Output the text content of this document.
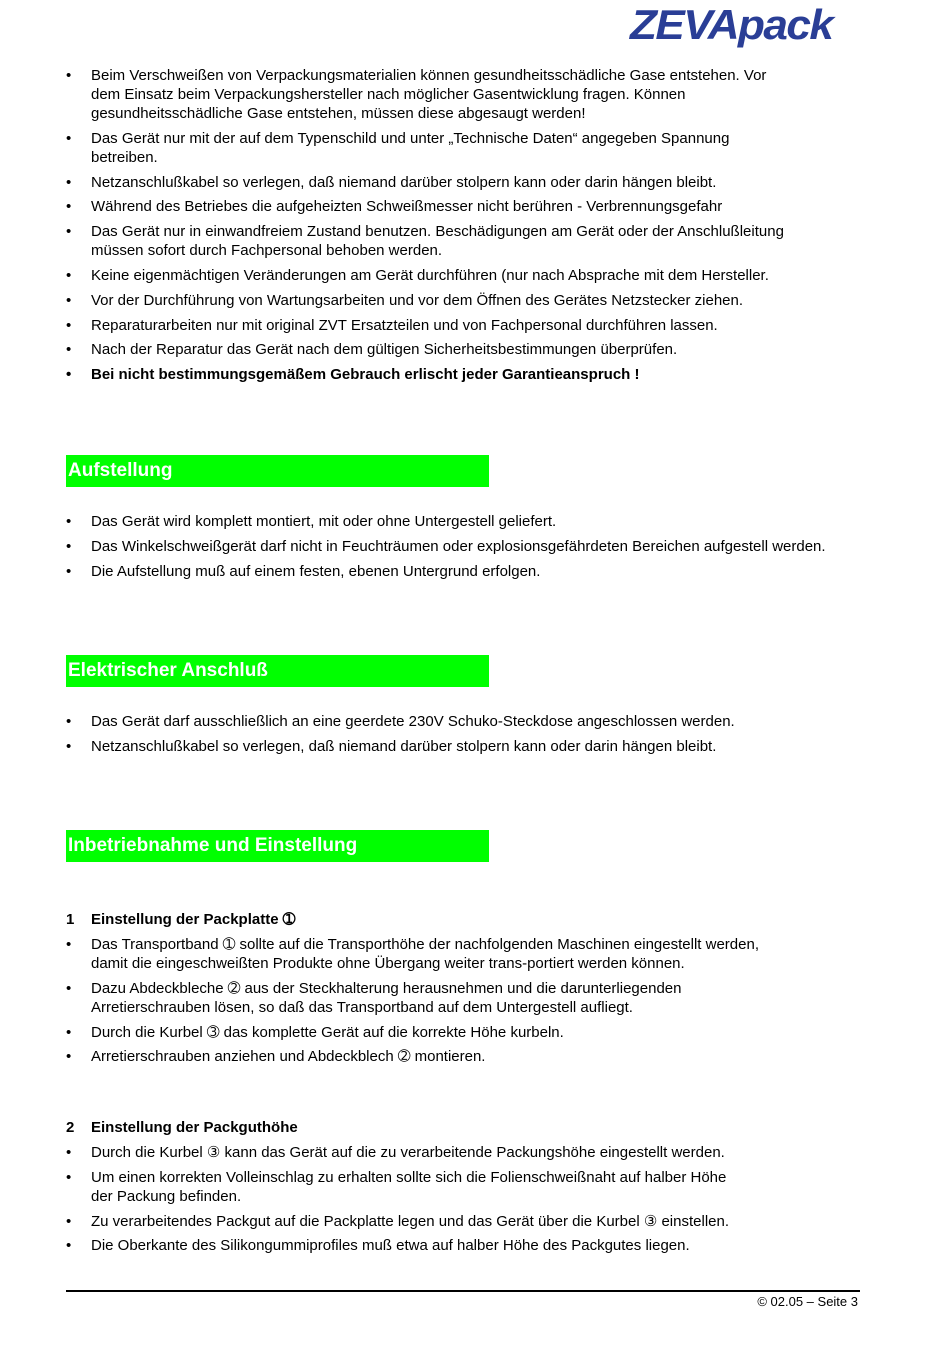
ZEVApack
• Beim Verschweißen von Verpackungsmaterialien können gesundheitsschädliche Gase entstehen. Vor
dem Einsatz beim Verpackungshersteller nach möglicher Gasentwicklung fragen. Können
gesundheitsschädliche Gase entstehen, müssen diese abgesaugt werden!
• Das Gerät nur mit der auf dem Typenschild und unter „Technische Daten“ angegeben Spannung
betreiben.
• Netzanschlußkabel so verlegen, daß niemand darüber stolpern kann oder darin hängen bleibt.
• Während des Betriebes die aufgeheizten Schweißmesser nicht berühren - Verbrennungsgefahr
• Das Gerät nur in einwandfreiem Zustand benutzen. Beschädigungen am Gerät oder der Anschlußleitung
müssen sofort durch Fachpersonal behoben werden.
• Keine eigenmächtigen Veränderungen am Gerät durchführen (nur nach Absprache mit dem Hersteller.
• Vor der Durchführung von Wartungsarbeiten und vor dem Öffnen des Gerätes Netzstecker ziehen.
• Reparaturarbeiten nur mit original ZVT Ersatzteilen und von Fachpersonal durchführen lassen.
• Nach der Reparatur das Gerät nach dem gültigen Sicherheitsbestimmungen überprüfen.
• Bei nicht bestimmungsgemäßem Gebrauch erlischt jeder Garantieanspruch !
Aufstellung
• Das Gerät wird komplett montiert, mit oder ohne Untergestell geliefert.
• Das Winkelschweißgerät darf nicht in Feuchträumen oder explosionsgefährdeten Bereichen aufgestell werden.
• Die Aufstellung muß auf einem festen, ebenen Untergrund erfolgen.
Elektrischer Anschluß
• Das Gerät darf ausschließlich an eine geerdete 230V Schuko-Steckdose angeschlossen werden.
• Netzanschlußkabel so verlegen, daß niemand darüber stolpern kann oder darin hängen bleibt.
Inbetriebnahme und Einstellung
1 Einstellung der Packplatte ➀
• Das Transportband ➀ sollte auf die Transporthöhe der nachfolgenden Maschinen eingestellt werden,
damit die eingeschweißten Produkte ohne Übergang weiter trans-portiert werden können.
• Dazu Abdeckbleche ➁ aus der Steckhalterung herausnehmen und die darunterliegenden
Arretierschrauben lösen, so daß das Transportband auf dem Untergestell aufliegt.
• Durch die Kurbel ➂ das komplette Gerät auf die korrekte Höhe kurbeln.
• Arretierschrauben anziehen und Abdeckblech ➁ montieren.
2 Einstellung der Packguthöhe
• Durch die Kurbel ③ kann das Gerät auf die zu verarbeitende Packungshöhe eingestellt werden.
• Um einen korrekten Volleinschlag zu erhalten sollte sich die Folienschweißnaht auf halber Höhe
der Packung befinden.
• Zu verarbeitendes Packgut auf die Packplatte legen und das Gerät über die Kurbel ③ einstellen.
• Die Oberkante des Silikongummiprofiles muß etwa auf halber Höhe des Packgutes liegen.
© 02.05 – Seite 3
